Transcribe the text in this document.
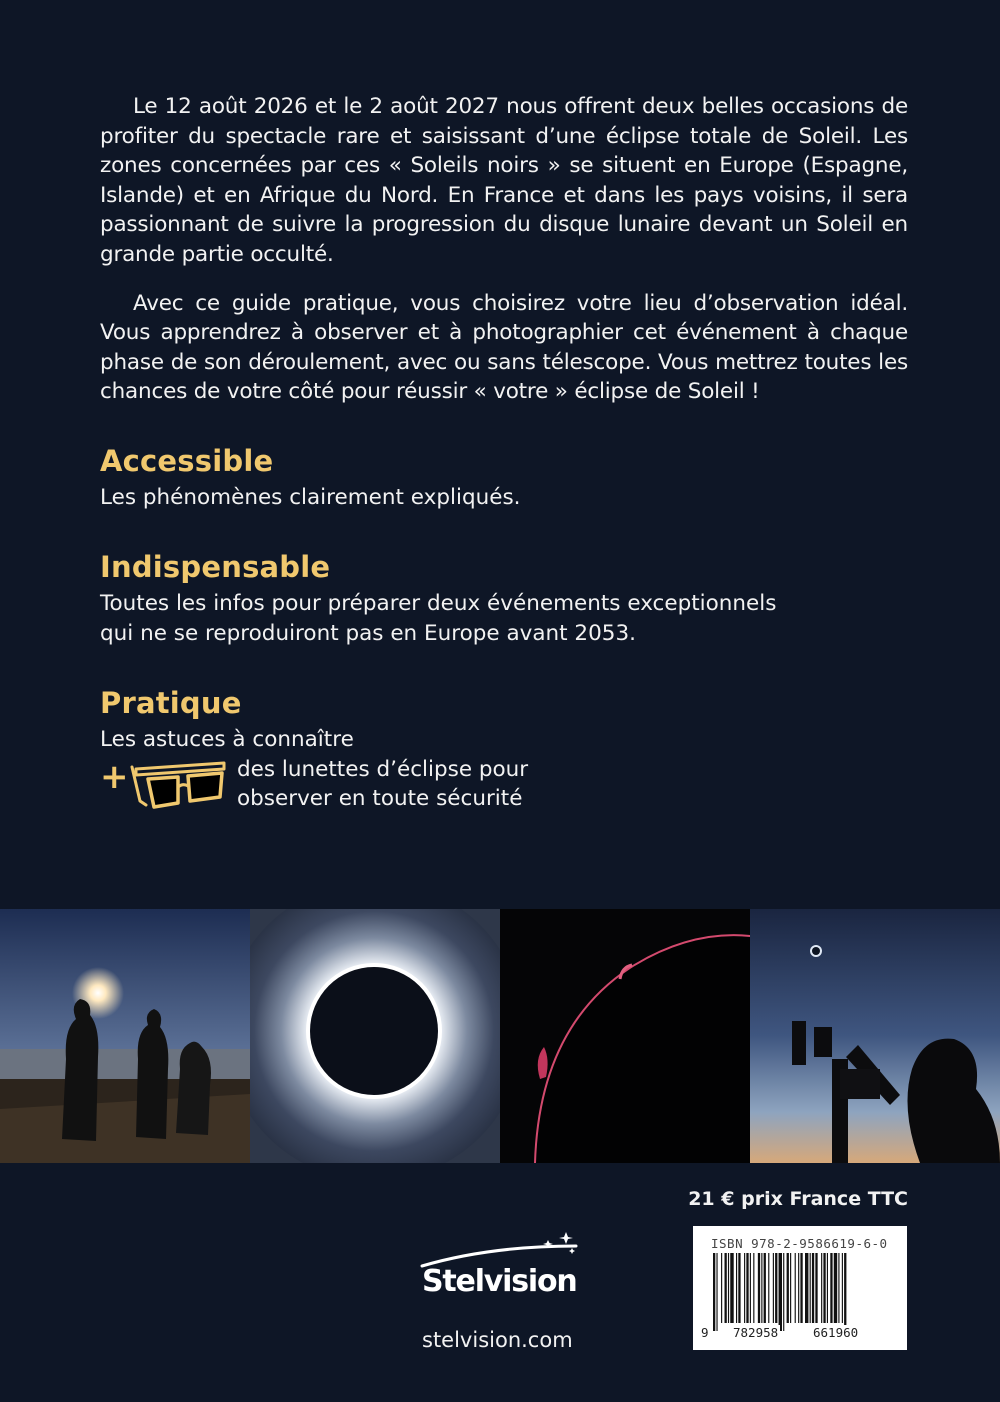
Le 12 août 2026 et le 2 août 2027 nous offrent deux belles occasions de profiter du spectacle rare et saisissant d’une éclipse totale de Soleil. Les zones concernées par ces « Soleils noirs » se situent en Europe (Espagne, Islande) et en Afrique du Nord. En France et dans les pays voisins, il sera passionnant de suivre la progression du disque lunaire devant un Soleil en grande partie occulté.

Avec ce guide pratique, vous choisirez votre lieu d’observation idéal. Vous apprendrez à observer et à photographier cet événement à chaque phase de son déroulement, avec ou sans télescope. Vous mettrez toutes les chances de votre côté pour réussir « votre » éclipse de Soleil !

Accessible
Les phénomènes clairement expliqués.
Indispensable
Toutes les infos pour préparer deux événements exceptionnels
qui ne se reproduiront pas en Europe avant 2053.
Pratique
Les astuces à connaître
+	des lunettes d’éclipse pour
observer en toute sécurité
21 € prix France TTC
Stelvision
stelvision.com
ISBN 978-2-9586619-6-0
9 782958	661960
